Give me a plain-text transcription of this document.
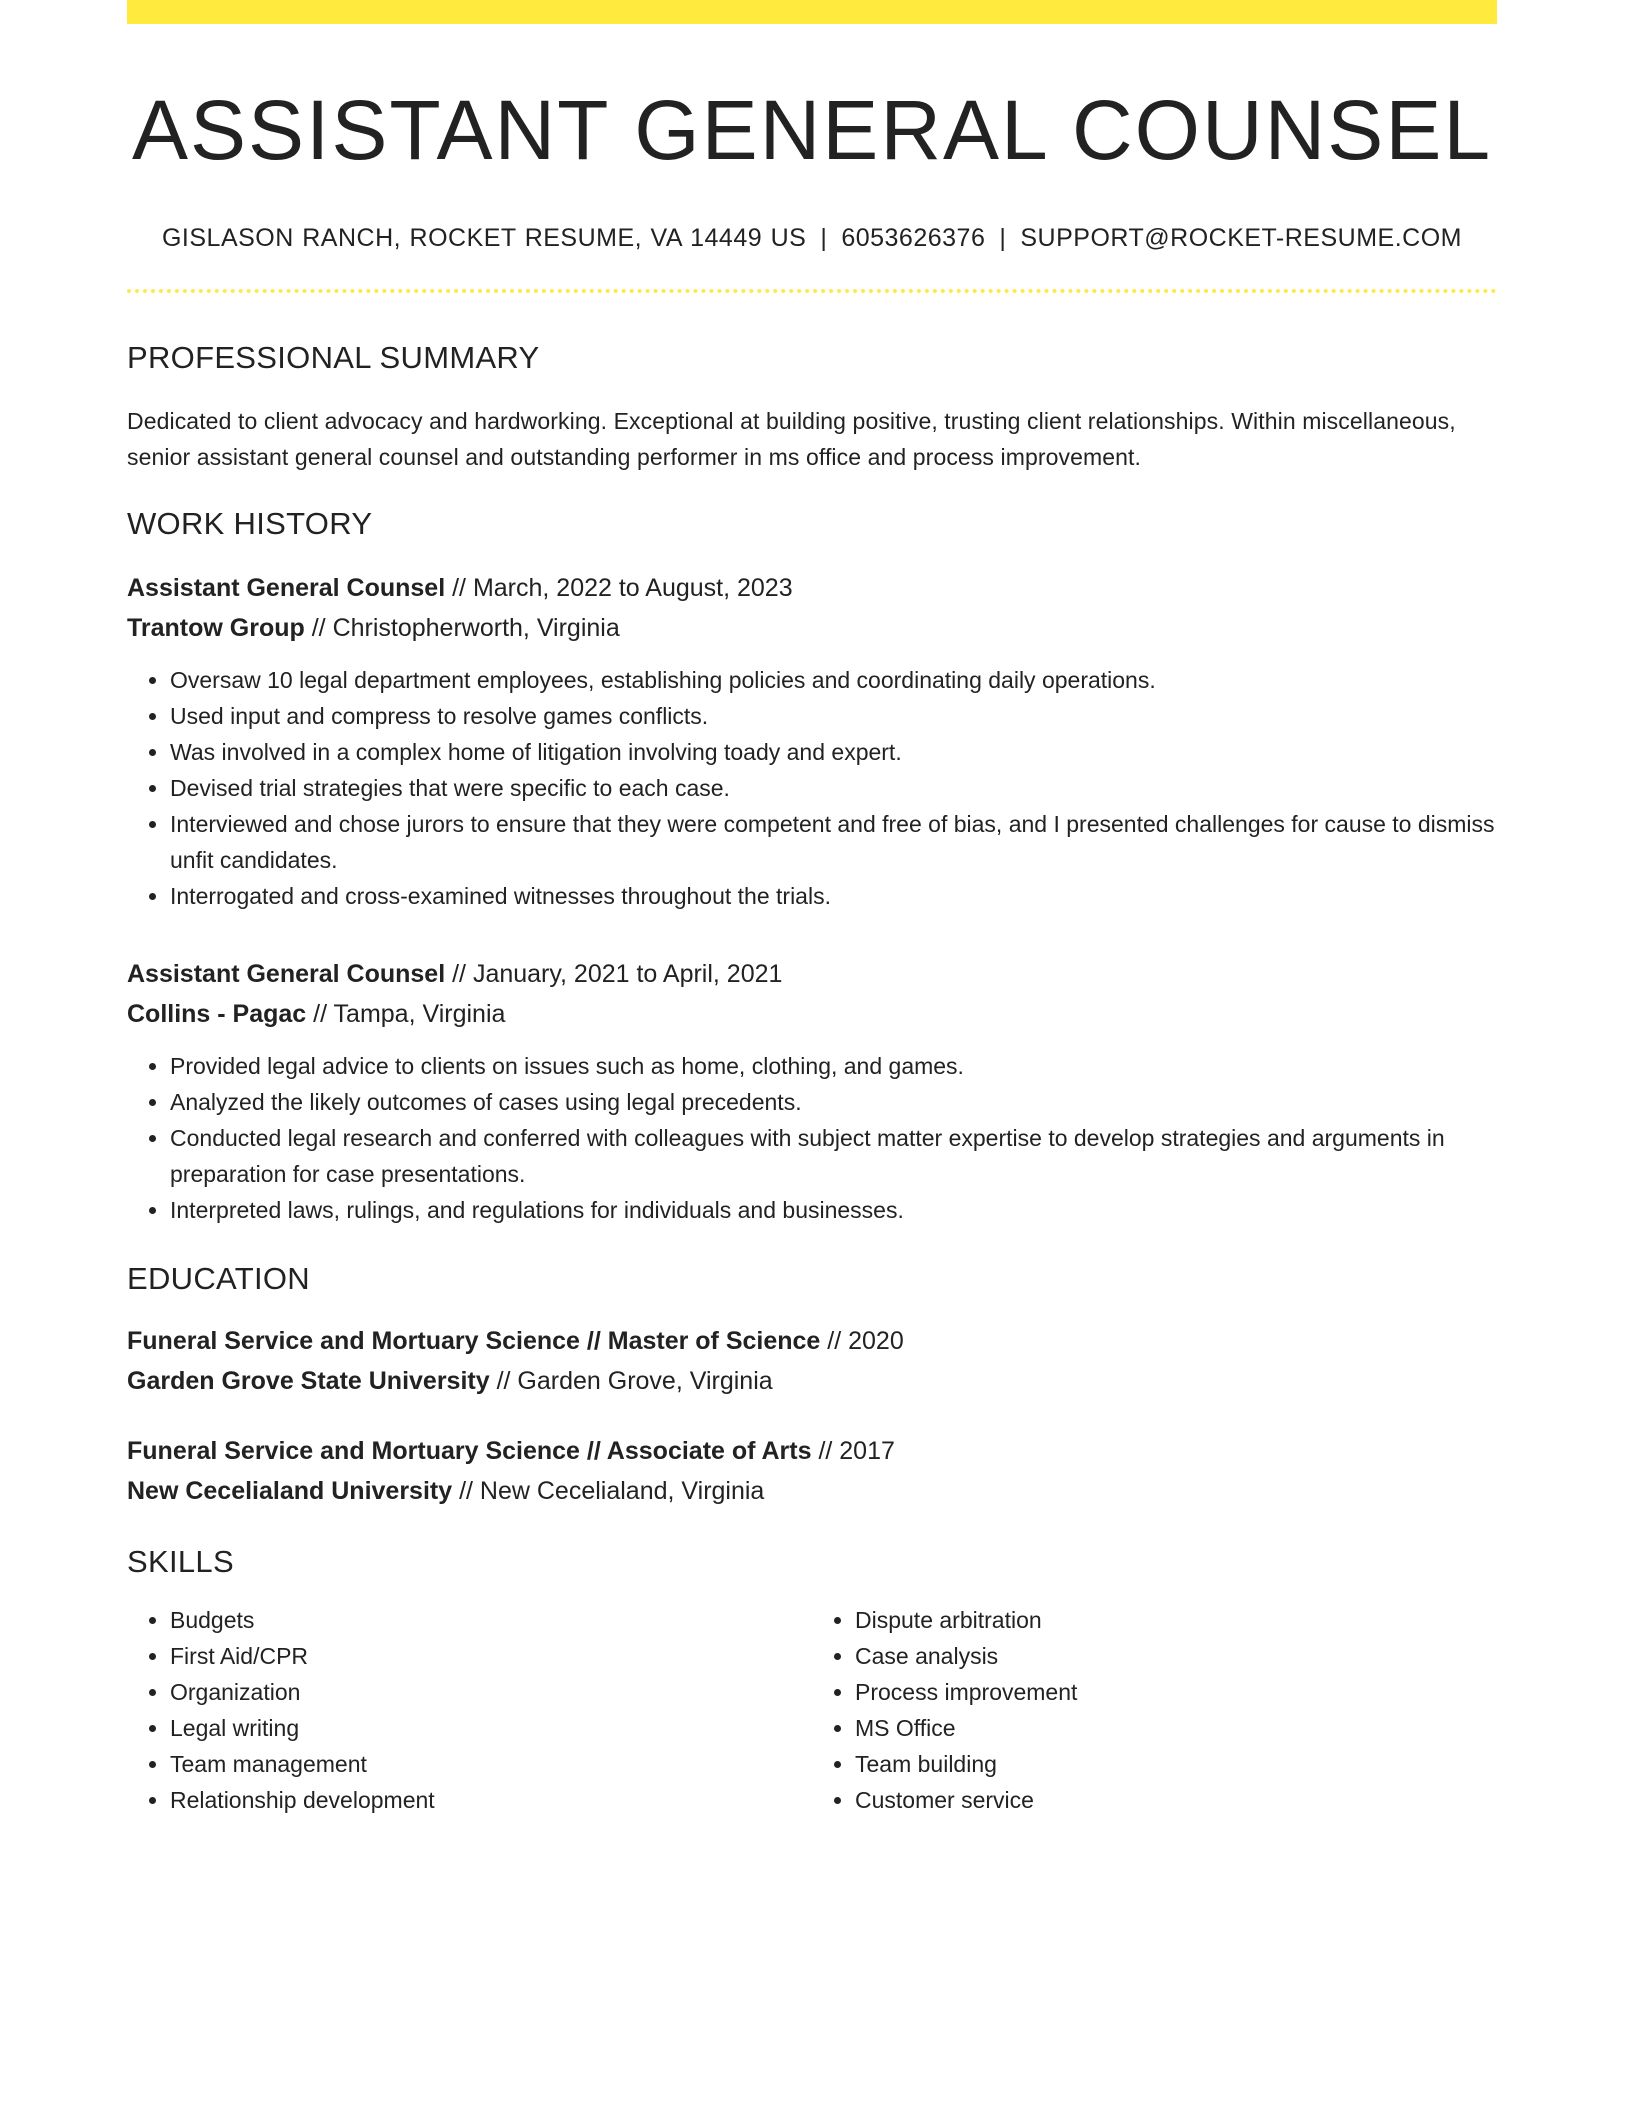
ASSISTANT GENERAL COUNSEL
GISLASON RANCH, ROCKET RESUME, VA 14449 US | 6053626376 | SUPPORT@ROCKET-RESUME.COM
PROFESSIONAL SUMMARY
Dedicated to client advocacy and hardworking. Exceptional at building positive, trusting client relationships. Within miscellaneous, senior assistant general counsel and outstanding performer in ms office and process improvement.
WORK HISTORY
Assistant General Counsel // March, 2022 to August, 2023
Trantow Group // Christopherworth, Virginia
• Oversaw 10 legal department employees, establishing policies and coordinating daily operations.
• Used input and compress to resolve games conflicts.
• Was involved in a complex home of litigation involving toady and expert.
• Devised trial strategies that were specific to each case.
• Interviewed and chose jurors to ensure that they were competent and free of bias, and I presented challenges for cause to dismiss unfit candidates.
• Interrogated and cross-examined witnesses throughout the trials.
Assistant General Counsel // January, 2021 to April, 2021
Collins - Pagac // Tampa, Virginia
• Provided legal advice to clients on issues such as home, clothing, and games.
• Analyzed the likely outcomes of cases using legal precedents.
• Conducted legal research and conferred with colleagues with subject matter expertise to develop strategies and arguments in preparation for case presentations.
• Interpreted laws, rulings, and regulations for individuals and businesses.
EDUCATION
Funeral Service and Mortuary Science // Master of Science // 2020
Garden Grove State University // Garden Grove, Virginia
Funeral Service and Mortuary Science // Associate of Arts // 2017
New Cecelialand University // New Cecelialand, Virginia
SKILLS
• Budgets
• First Aid/CPR
• Organization
• Legal writing
• Team management
• Relationship development
• Dispute arbitration
• Case analysis
• Process improvement
• MS Office
• Team building
• Customer service
